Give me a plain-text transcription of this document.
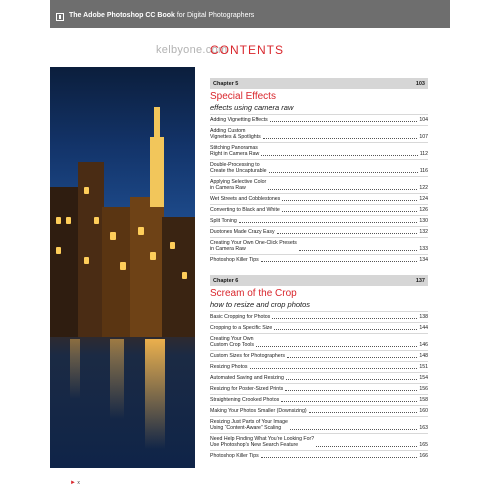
The Adobe Photoshop CC Book for Digital Photographers
kelbyone.com
CONTENTS
Chapter 5	103
Special Effects
effects using camera raw
Adding Vignetting Effects	104
Adding Custom
Vignettes & Spotlights	107
Stitching Panoramas
Right in Camera Raw	112
Double-Processing to
Create the Uncapturable	116
Applying Selective Color
in Camera Raw	122
Wet Streets and Cobblestones	124
Converting to Black and White	126
Split Toning	130
Duotones Made Crazy Easy	132
Creating Your Own One-Click Presets
in Camera Raw	133
Photoshop Killer Tips	134
Chapter 6	137
Scream of the Crop
how to resize and crop photos
Basic Cropping for Photos	138
Cropping to a Specific Size	144
Creating Your Own
Custom Crop Tools	146
Custom Sizes for Photographers	148
Resizing Photos	151
Automated Saving and Resizing	154
Resizing for Poster-Sized Prints	156
Straightening Crooked Photos	158
Making Your Photos Smaller (Downsizing)	160
Resizing Just Parts of Your Image
Using “Content-Aware” Scaling	163
Need Help Finding What You’re Looking For?
Use Photoshop’s New Search Feature	165
Photoshop Killer Tips	166
► x
